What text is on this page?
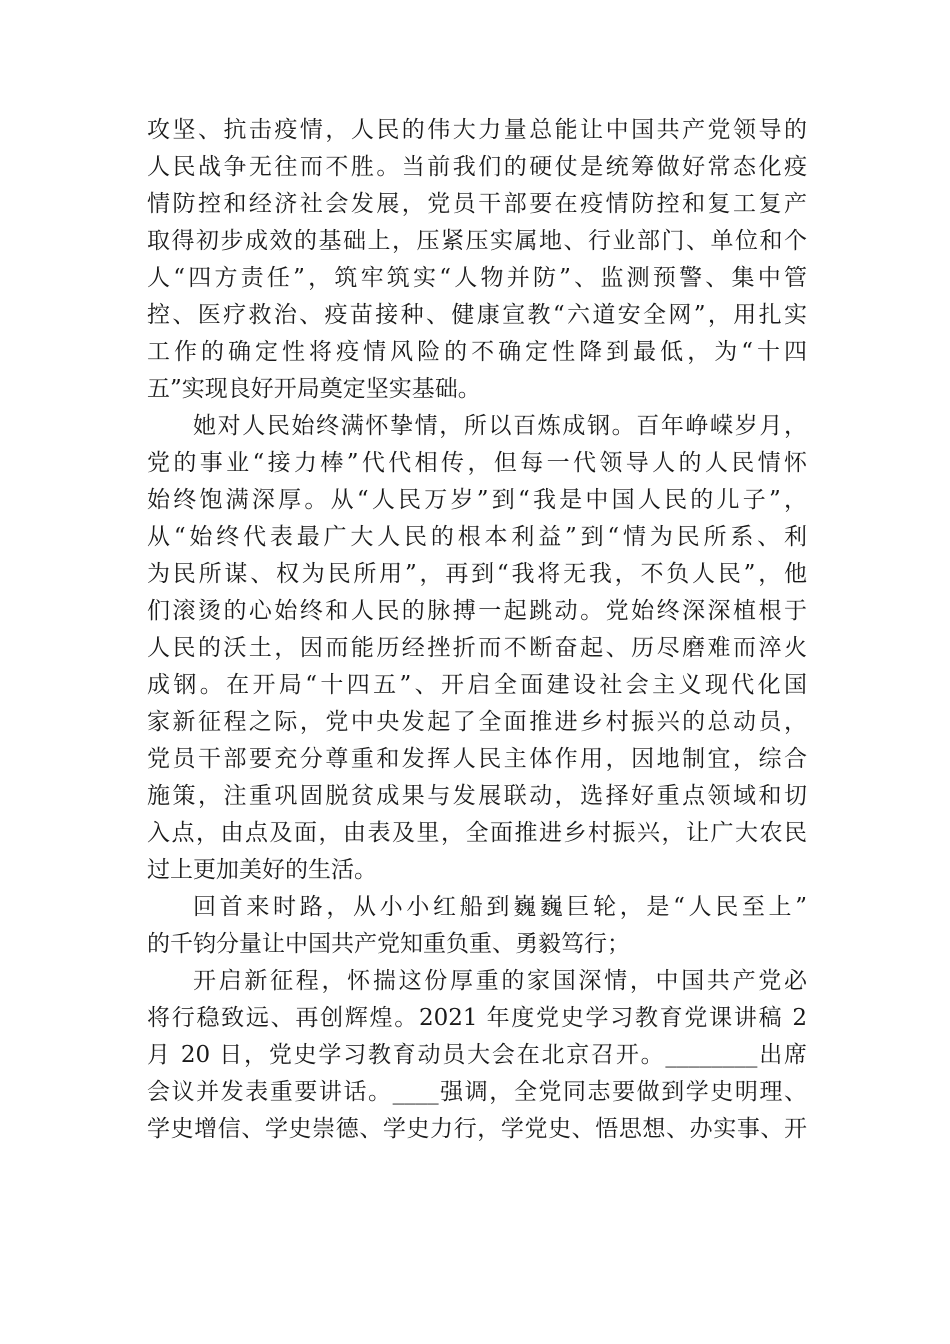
攻坚、抗击疫情，人民的伟大力量总能让中国共产党领导的
人民战争无往而不胜。当前我们的硬仗是统筹做好常态化疫
情防控和经济社会发展，党员干部要在疫情防控和复工复产
取得初步成效的基础上，压紧压实属地、行业部门、单位和个
人“四方责任”，筑牢筑实“人物并防”、监测预警、集中管
控、医疗救治、疫苗接种、健康宣教“六道安全网”，用扎实
工作的确定性将疫情风险的不确定性降到最低，为“十四
五”实现良好开局奠定坚实基础。
她对人民始终满怀挚情，所以百炼成钢。百年峥嵘岁月，
党的事业“接力棒”代代相传，但每一代领导人的人民情怀
始终饱满深厚。从“人民万岁”到“我是中国人民的儿子”，
从“始终代表最广大人民的根本利益”到“情为民所系、利
为民所谋、权为民所用”，再到“我将无我，不负人民”，他
们滚烫的心始终和人民的脉搏一起跳动。党始终深深植根于
人民的沃土，因而能历经挫折而不断奋起、历尽磨难而淬火
成钢。在开局“十四五”、开启全面建设社会主义现代化国
家新征程之际，党中央发起了全面推进乡村振兴的总动员，
党员干部要充分尊重和发挥人民主体作用，因地制宜，综合
施策，注重巩固脱贫成果与发展联动，选择好重点领域和切
入点，由点及面，由表及里，全面推进乡村振兴，让广大农民
过上更加美好的生活。
回首来时路，从小小红船到巍巍巨轮，是“人民至上”
的千钧分量让中国共产党知重负重、勇毅笃行；
开启新征程，怀揣这份厚重的家国深情，中国共产党必
将行稳致远、再创辉煌。2021 年度党史学习教育党课讲稿 2
月 20 日，党史学习教育动员大会在北京召开。________出席
会议并发表重要讲话。____强调，全党同志要做到学史明理、
学史增信、学史崇德、学史力行，学党史、悟思想、办实事、开
